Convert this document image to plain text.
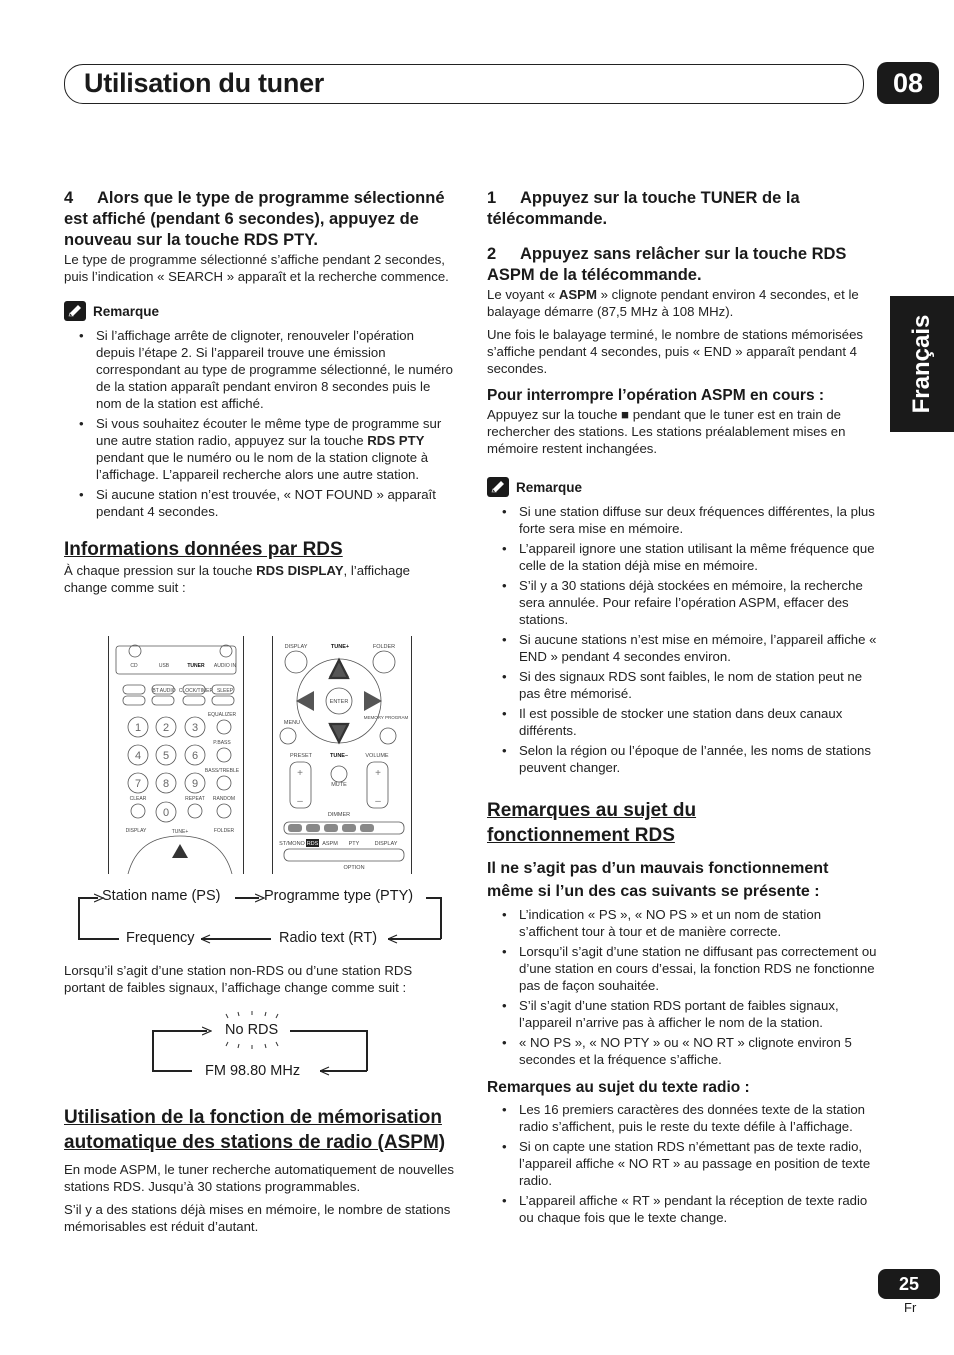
Utilisation du tuner	08
Français

4 Alors que le type de programme sélectionné est affiché (pendant 6 secondes), appuyez de nouveau sur la touche RDS PTY.

Le type de programme sélectionné s’affiche pendant 2 secondes, puis l’indication « SEARCH » apparaît et la recherche commence.

Remarque
• Si l’affichage arrête de clignoter, renouveler l’opération depuis l’étape 2. Si l’appareil trouve une émission correspondant au type de programme sélectionné, le numéro de la station apparaît pendant environ 8 secondes puis le nom de la station est affiché.
• Si vous souhaitez écouter le même type de programme sur une autre station radio, appuyez sur la touche RDS PTY pendant que le numéro ou le nom de la station clignote à l’affichage. L’appareil recherche alors une autre station.
• Si aucune station n’est trouvée, « NOT FOUND » apparaît pendant 4 secondes.

Informations données par RDS

À chaque pression sur la touche RDS DISPLAY, l’affichage change comme suit :

CD	USB	TUNER AUDIO IN
BT AUDIO CLOCK/TIMER SLEEP
EQUALIZER
P.BASS
BASS/TREBLE
CLEAR	REPEAT RANDOM
DISPLAY	TUNE+	FOLDER
1 2 3
4 5 6
7 8 9
0
DISPLAY	TUNE+	FOLDER
MENU
MEMORY PROGRAM
PRESET	TUNE–	VOLUME
MUTE
DIMMER
ST/MONO	ASPM PTY	DISPLAY
OPTION
RDS
ENTER
+
–
+
–
Station name (PS)	Programme type (PTY)
Frequency	Radio text (RT)

Lorsqu’il s’agit d’une station non-RDS ou d’une station RDS portant de faibles signaux, l’affichage change comme suit :

No RDS
FM 98.80 MHz

Utilisation de la fonction de mémorisation automatique des stations de radio (ASPM)

En mode ASPM, le tuner recherche automatiquement de nouvelles stations RDS. Jusqu’à 30 stations programmables.

S’il y a des stations déjà mises en mémoire, le nombre de stations mémorisables est réduit d’autant.

1 Appuyez sur la touche TUNER de la télécommande.

2 Appuyez sans relâcher sur la touche RDS ASPM de la télécommande.

Le voyant « ASPM » clignote pendant environ 4 secondes, et le balayage démarre (87,5 MHz à 108 MHz).

Une fois le balayage terminé, le nombre de stations mémorisées s’affiche pendant 4 secondes, puis « END » apparaît pendant 4 secondes.

Pour interrompre l’opération ASPM en cours :

Appuyez sur la touche ■ pendant que le tuner est en train de rechercher des stations. Les stations préalablement mises en mémoire restent inchangées.

Remarque
• Si une station diffuse sur deux fréquences différentes, la plus forte sera mise en mémoire.
• L’appareil ignore une station utilisant la même fréquence que celle de la station déjà mise en mémoire.
• S’il y a 30 stations déjà stockées en mémoire, la recherche sera annulée. Pour refaire l’opération ASPM, effacer des stations.
• Si aucune stations n’est mise en mémoire, l’appareil affiche « END » pendant 4 secondes environ.
• Si des signaux RDS sont faibles, le nom de station peut ne pas être mémorisé.
• Il est possible de stocker une station dans deux canaux différents.
• Selon la région ou l’époque de l’année, les noms de stations peuvent changer.

Remarques au sujet du fonctionnement RDS

Il ne s’agit pas d’un mauvais fonctionnement même si l’un des cas suivants se présente :

• L’indication « PS », « NO PS » et un nom de station s’affichent tour à tour et de manière correcte.
• Lorsqu’il s’agit d’une station ne diffusant pas correctement ou d’une station en cours d’essai, la fonction RDS ne fonctionne pas de façon souhaitée.
• S’il s’agit d’une station RDS portant de faibles signaux, l’appareil n’arrive pas à afficher le nom de la station.
• « NO PS », « NO PTY » ou « NO RT » clignote environ 5 secondes et la fréquence s’affiche.

Remarques au sujet du texte radio :

• Les 16 premiers caractères des données texte de la station radio s’affichent, puis le reste du texte défile à l’affichage.
• Si on capte une station RDS n’émettant pas de texte radio, l’appareil affiche « NO RT » au passage en position de texte radio.
• L’appareil affiche « RT » pendant la réception de texte radio ou chaque fois que le texte change.
25
Fr
